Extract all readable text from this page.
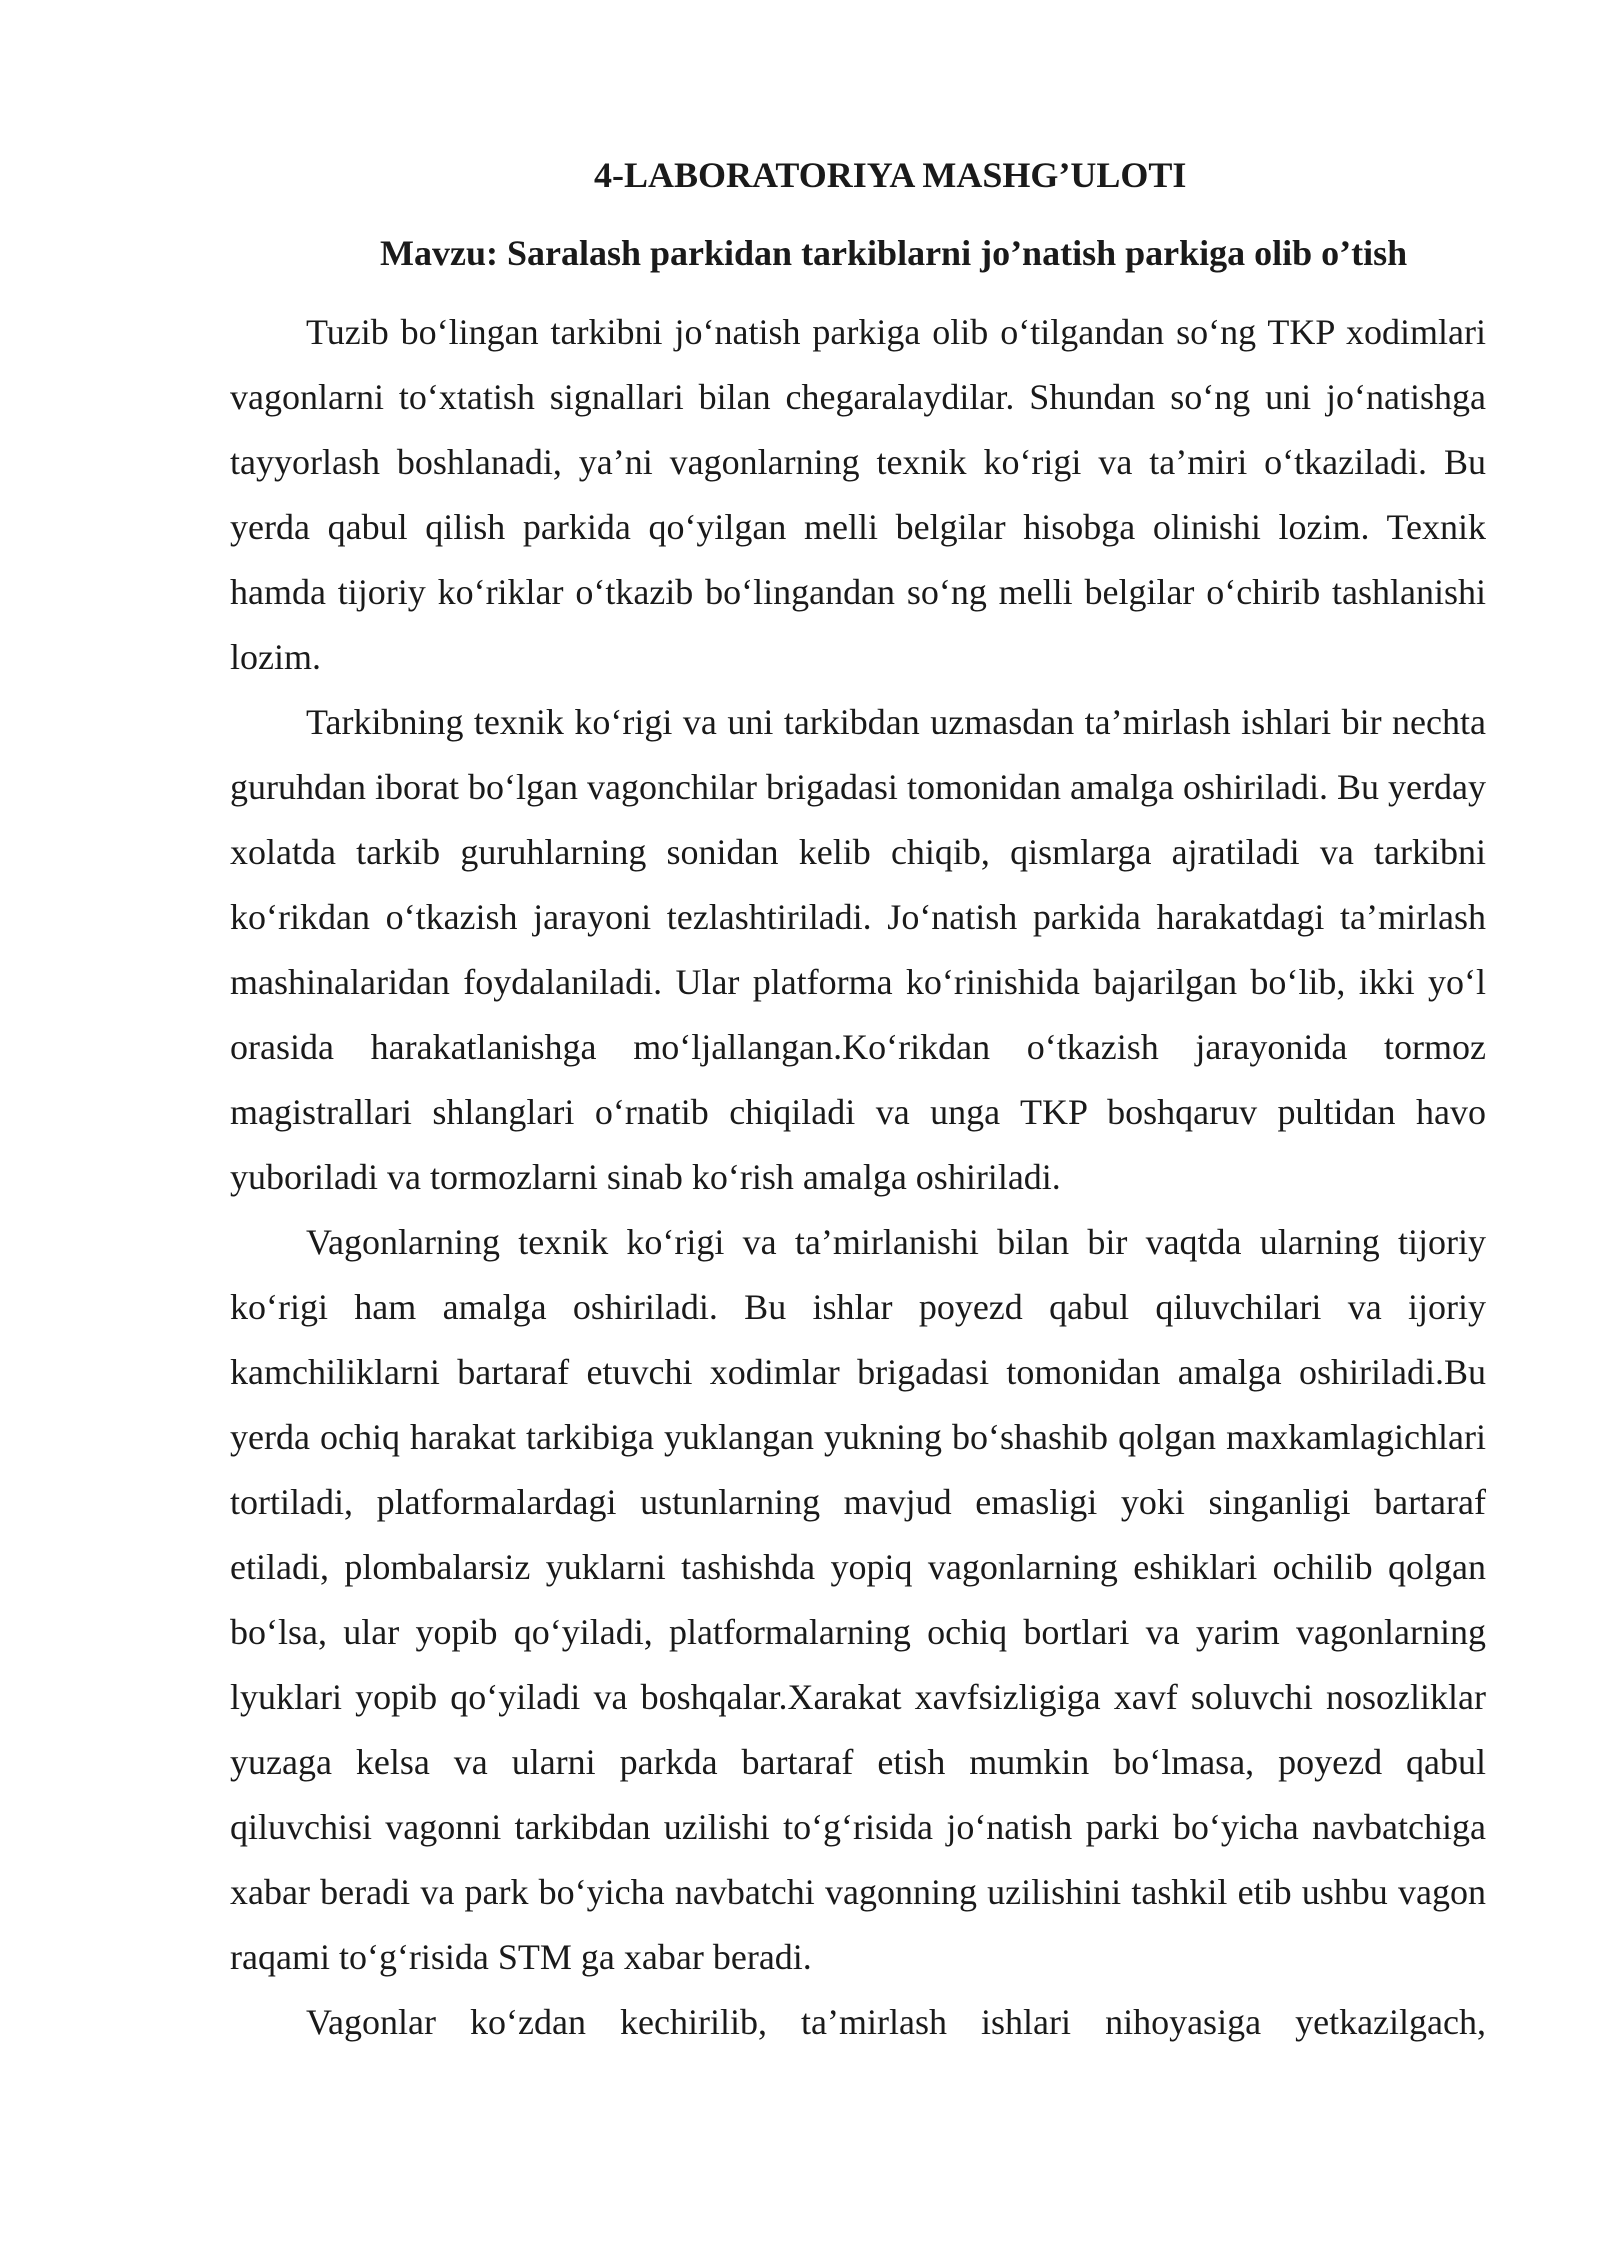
4-LABORATORIYA MASHG’ULOTI
Mavzu: Saralash parkidan tarkiblarni jo’natish parkiga olib o’tish

Tuzib bo‘lingan tarkibni jo‘natish parkiga olib o‘tilgandan so‘ng TKP xodimlari vagonlarni to‘xtatish signallari bilan chegaralaydilar. Shundan so‘ng uni jo‘natishga tayyorlash boshlanadi, ya’ni vagonlarning texnik ko‘rigi va ta’miri o‘tkaziladi. Bu yerda qabul qilish parkida qo‘yilgan melli belgilar hisobga olinishi lozim. Texnik hamda tijoriy ko‘riklar o‘tkazib bo‘lingandan so‘ng melli belgilar o‘chirib tashlanishi lozim.

Tarkibning texnik ko‘rigi va uni tarkibdan uzmasdan ta’mirlash ishlari bir nechta guruhdan iborat bo‘lgan vagonchilar brigadasi tomonidan amalga oshiriladi. Bu yerday xolatda tarkib guruhlarning sonidan kelib chiqib, qismlarga ajratiladi va tarkibni ko‘rikdan o‘tkazish jarayoni tezlashtiriladi. Jo‘natish parkida harakatdagi ta’mirlash mashinalaridan foydalaniladi. Ular platforma ko‘rinishida bajarilgan bo‘lib, ikki yo‘l orasida harakatlanishga mo‘ljallangan.Ko‘rikdan o‘tkazish jarayonida tormoz magistrallari shlanglari o‘rnatib chiqiladi va unga TKP boshqaruv pultidan havo yuboriladi va tormozlarni sinab ko‘rish amalga oshiriladi.

Vagonlarning texnik ko‘rigi va ta’mirlanishi bilan bir vaqtda ularning tijoriy ko‘rigi ham amalga oshiriladi. Bu ishlar poyezd qabul qiluvchilari va ijoriy kamchiliklarni bartaraf etuvchi xodimlar brigadasi tomonidan amalga oshiriladi.Bu yerda ochiq harakat tarkibiga yuklangan yukning bo‘shashib qolgan maxkamlagichlari tortiladi, platformalardagi ustunlarning mavjud emasligi yoki singanligi bartaraf etiladi, plombalarsiz yuklarni tashishda yopiq vagonlarning eshiklari ochilib qolgan bo‘lsa, ular yopib qo‘yiladi, platformalarning ochiq bortlari va yarim vagonlarning lyuklari yopib qo‘yiladi va boshqalar.Xarakat xavfsizligiga xavf soluvchi nosozliklar yuzaga kelsa va ularni parkda bartaraf etish mumkin bo‘lmasa, poyezd qabul qiluvchisi vagonni tarkibdan uzilishi to‘g‘risida jo‘natish parki bo‘yicha navbatchiga xabar beradi va park bo‘yicha navbatchi vagonning uzilishini tashkil etib ushbu vagon raqami to‘g‘risida STM ga xabar beradi.

Vagonlar ko‘zdan kechirilib, ta’mirlash ishlari nihoyasiga yetkazilgach,
